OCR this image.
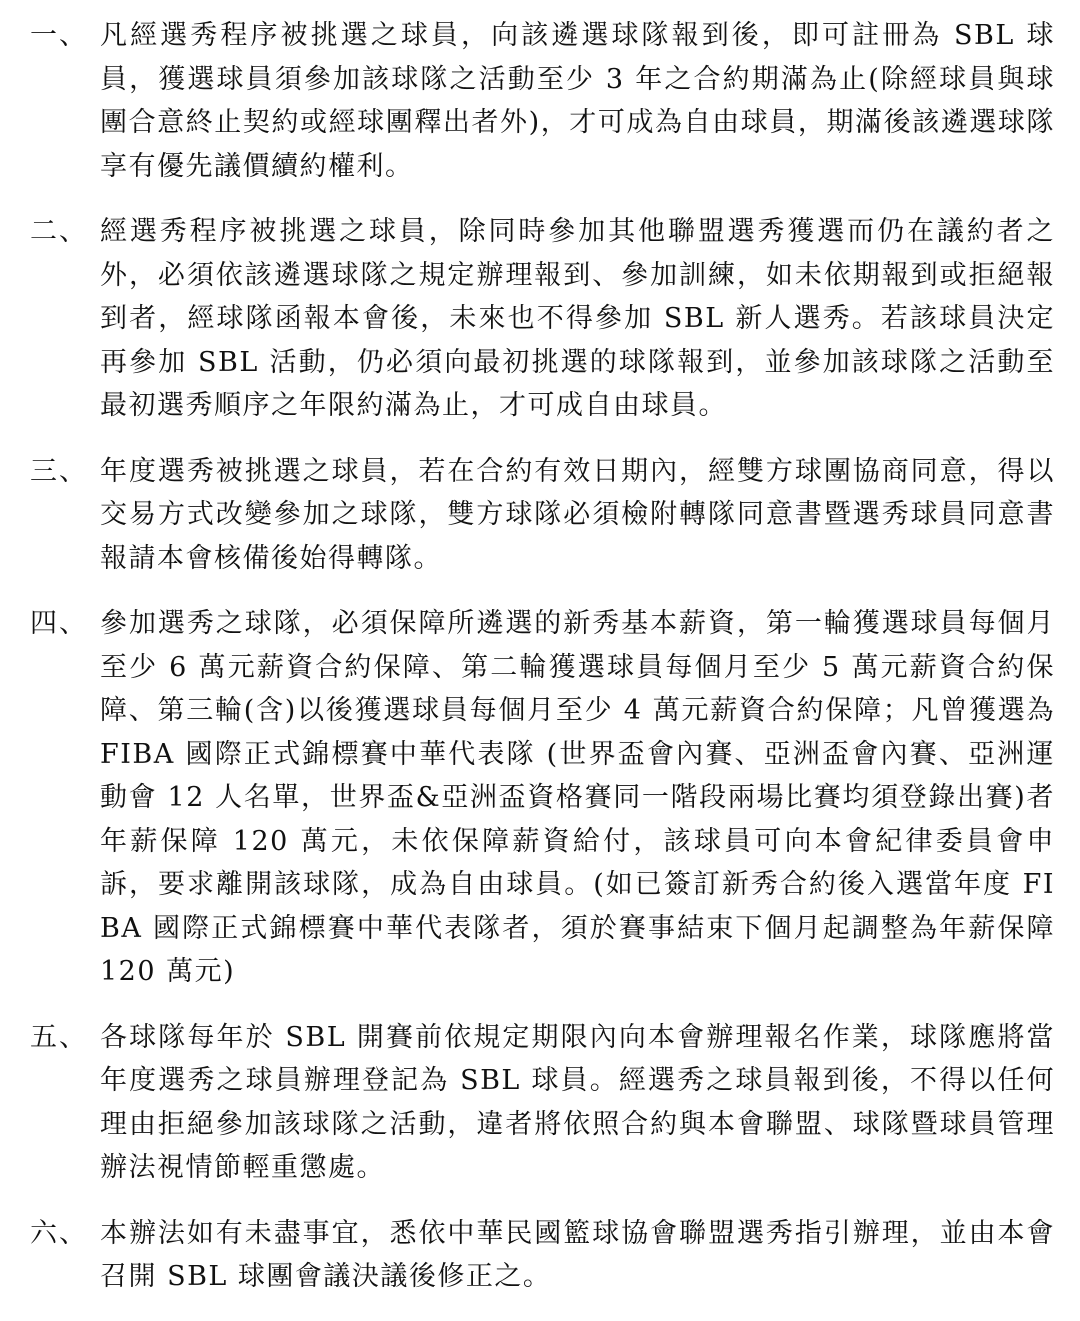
一、 凡經選秀程序被挑選之球員，向該遴選球隊報到後，即可註冊為 SBL 球員，獲選球員須參加該球隊之活動至少 3 年之合約期滿為止(除經球員與球團合意終止契約或經球團釋出者外)，才可成為自由球員，期滿後該遴選球隊享有優先議價續約權利。
二、 經選秀程序被挑選之球員，除同時參加其他聯盟選秀獲選而仍在議約者之外，必須依該遴選球隊之規定辦理報到、參加訓練，如未依期報到或拒絕報到者，經球隊函報本會後，未來也不得參加 SBL 新人選秀。若該球員決定再參加 SBL 活動，仍必須向最初挑選的球隊報到，並參加該球隊之活動至最初選秀順序之年限約滿為止，才可成自由球員。
三、 年度選秀被挑選之球員，若在合約有效日期內，經雙方球團協商同意，得以交易方式改變參加之球隊，雙方球隊必須檢附轉隊同意書暨選秀球員同意書報請本會核備後始得轉隊。
四、 參加選秀之球隊，必須保障所遴選的新秀基本薪資，第一輪獲選球員每個月至少 6 萬元薪資合約保障、第二輪獲選球員每個月至少 5 萬元薪資合約保障、第三輪(含)以後獲選球員每個月至少 4 萬元薪資合約保障；凡曾獲選為 FIBA 國際正式錦標賽中華代表隊 (世界盃會內賽、亞洲盃會內賽、亞洲運動會 12 人名單，世界盃&亞洲盃資格賽同一階段兩場比賽均須登錄出賽)者年薪保障 120 萬元，未依保障薪資給付，該球員可向本會紀律委員會申訴，要求離開該球隊，成為自由球員。(如已簽訂新秀合約後入選當年度 FIBA 國際正式錦標賽中華代表隊者，須於賽事結束下個月起調整為年薪保障 120 萬元)
五、 各球隊每年於 SBL 開賽前依規定期限內向本會辦理報名作業，球隊應將當年度選秀之球員辦理登記為 SBL 球員。經選秀之球員報到後，不得以任何理由拒絕參加該球隊之活動，違者將依照合約與本會聯盟、球隊暨球員管理辦法視情節輕重懲處。
六、 本辦法如有未盡事宜，悉依中華民國籃球協會聯盟選秀指引辦理，並由本會召開 SBL 球團會議決議後修正之。
